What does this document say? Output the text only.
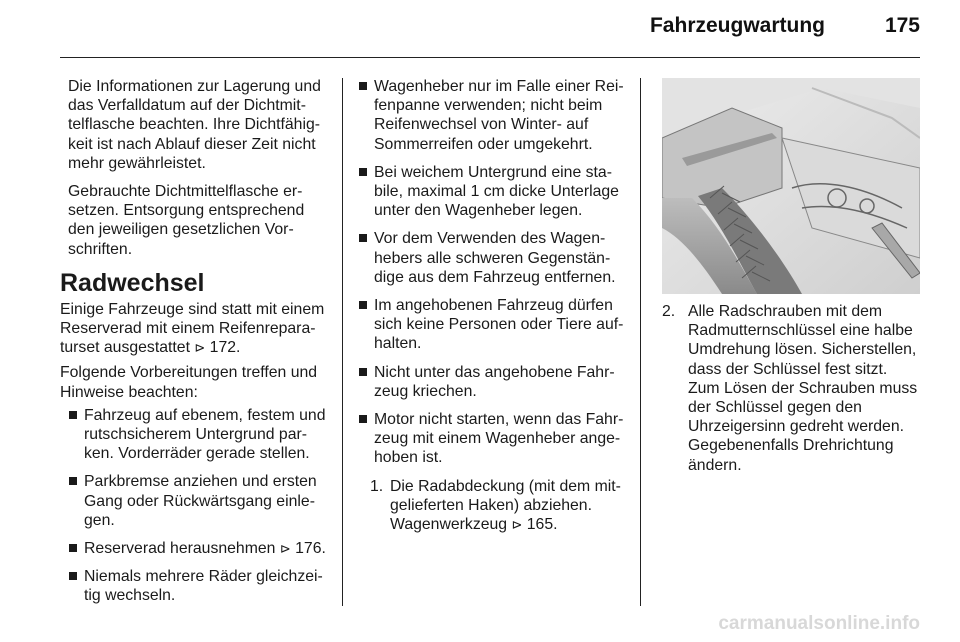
Fahrzeugwartung	175

Die Informationen zur Lagerung und das Verfalldatum auf der Dichtmittelflasche beachten. Ihre Dichtfähigkeit ist nach Ablauf dieser Zeit nicht mehr gewährleistet.

Gebrauchte Dichtmittelflasche ersetzen. Entsorgung entsprechend den jeweiligen gesetzlichen Vorschriften.

Radwechsel

Einige Fahrzeuge sind statt mit einem Reserverad mit einem Reifenreparaturset ausgestattet ⊳ 172.

Folgende Vorbereitungen treffen und Hinweise beachten:

Fahrzeug auf ebenem, festem und rutschsicherem Untergrund parken. Vorderräder gerade stellen.
Parkbremse anziehen und ersten Gang oder Rückwärtsgang einlegen.
Reserverad herausnehmen ⊳ 176.
Niemals mehrere Räder gleichzeitig wechseln.
Wagenheber nur im Falle einer Reifenpanne verwenden; nicht beim Reifenwechsel von Winter- auf Sommerreifen oder umgekehrt.
Bei weichem Untergrund eine stabile, maximal 1 cm dicke Unterlage unter den Wagenheber legen.
Vor dem Verwenden des Wagenhebers alle schweren Gegenständige aus dem Fahrzeug entfernen.
Im angehobenen Fahrzeug dürfen sich keine Personen oder Tiere aufhalten.
Nicht unter das angehobene Fahrzeug kriechen.
Motor nicht starten, wenn das Fahrzeug mit einem Wagenheber angehoben ist.
1. Die Radabdeckung (mit dem mitgelieferten Haken) abziehen. Wagenwerkzeug ⊳ 165.
2. Alle Radschrauben mit dem Radmutternschlüssel eine halbe Umdrehung lösen. Sicherstellen, dass der Schlüssel fest sitzt. Zum Lösen der Schrauben muss der Schlüssel gegen den Uhrzeigersinn gedreht werden. Gegebenenfalls Drehrichtung ändern.
carmanualsonline.info
